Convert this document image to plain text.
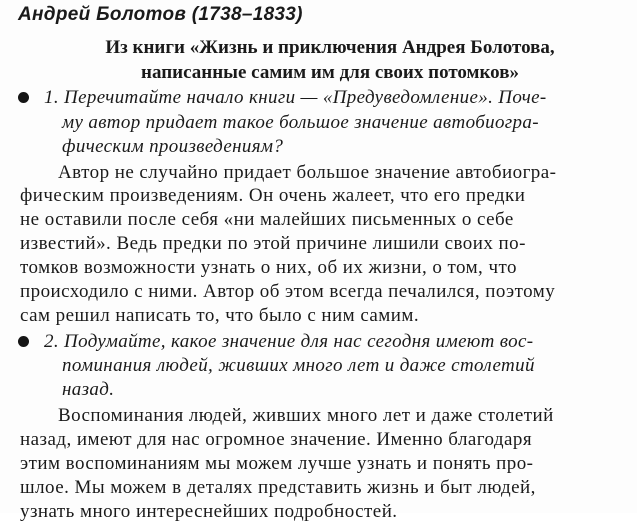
Андрей Болотов (1738–1833)
Из книги «Жизнь и приключения Андрея Болотова,
написанные самим им для своих потомков»
1. Перечитайте начало книги — «Предуведомление». Поче-
му автор придает такое большое значение автобиогра-
фическим произведениям?
Автор не случайно придает большое значение автобиогра-
фическим произведениям. Он очень жалеет, что его предки
не оставили после себя «ни малейших письменных о себе
известий». Ведь предки по этой причине лишили своих по-
томков возможности узнать о них, об их жизни, о том, что
происходило с ними. Автор об этом всегда печалился, поэтому
сам решил написать то, что было с ним самим.
2. Подумайте, какое значение для нас сегодня имеют вос-
поминания людей, живших много лет и даже столетий
назад.
Воспоминания людей, живших много лет и даже столетий
назад, имеют для нас огромное значение. Именно благодаря
этим воспоминаниям мы можем лучше узнать и понять про-
шлое. Мы можем в деталях представить жизнь и быт людей,
узнать много интереснейших подробностей.
